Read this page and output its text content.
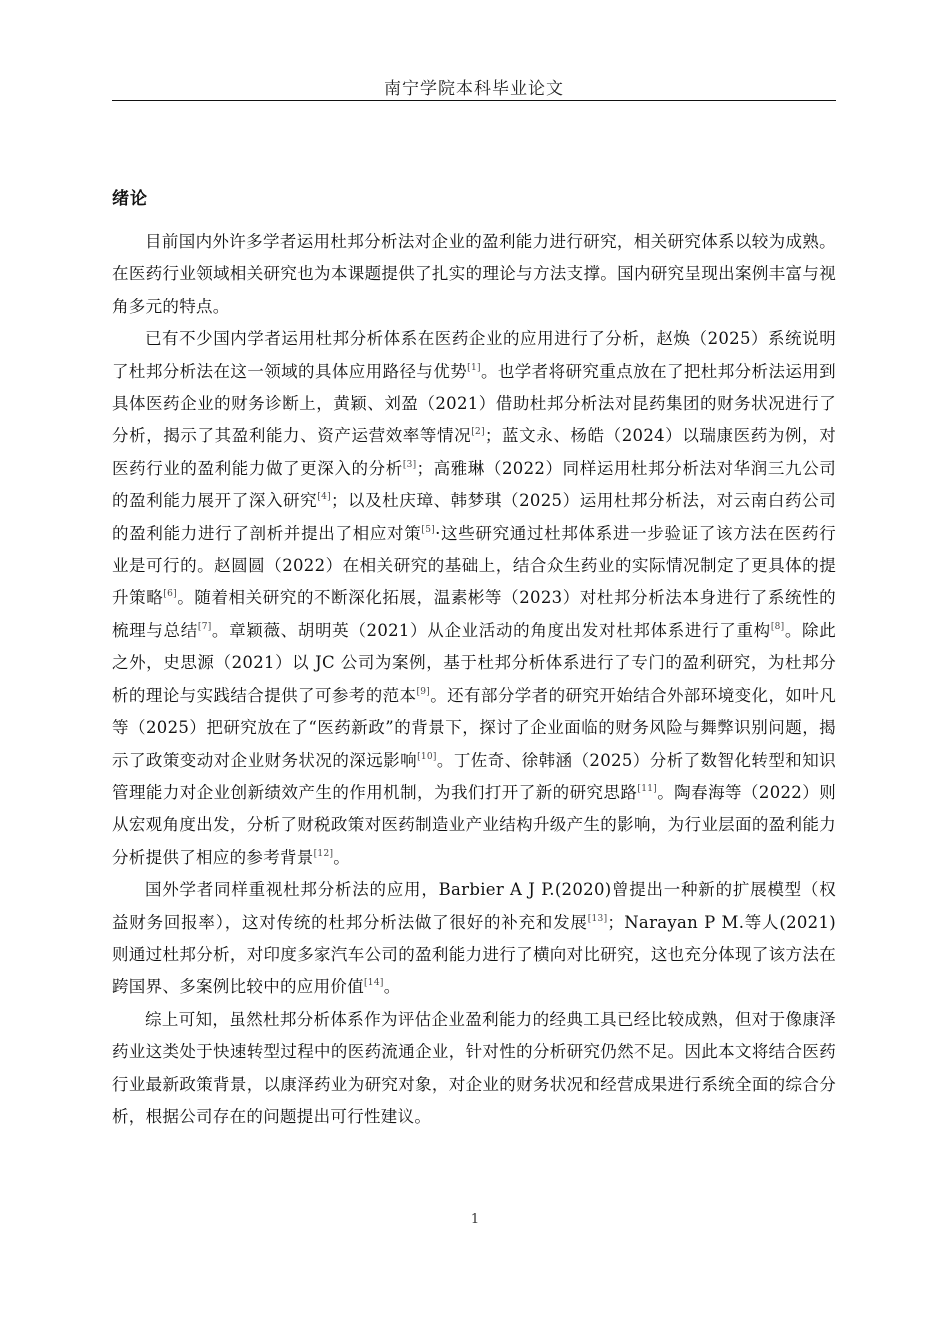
南宁学院本科毕业论文
绪论

目前国内外许多学者运用杜邦分析法对企业的盈利能力进行研究，相关研究体系以较为成熟。在医药行业领域相关研究也为本课题提供了扎实的理论与方法支撑。国内研究呈现出案例丰富与视角多元的特点。

已有不少国内学者运用杜邦分析体系在医药企业的应用进行了分析，赵焕（2025）系统说明了杜邦分析法在这一领域的具体应用路径与优势[1]。也学者将研究重点放在了把杜邦分析法运用到具体医药企业的财务诊断上，黄颖、刘盈（2021）借助杜邦分析法对昆药集团的财务状况进行了分析，揭示了其盈利能力、资产运营效率等情况[2]；蓝文永、杨皓（2024）以瑞康医药为例，对医药行业的盈利能力做了更深入的分析[3]；高雅琳（2022）同样运用杜邦分析法对华润三九公司的盈利能力展开了深入研究[4]；以及杜庆璋、韩梦琪（2025）运用杜邦分析法，对云南白药公司的盈利能力进行了剖析并提出了相应对策[5]·这些研究通过杜邦体系进一步验证了该方法在医药行业是可行的。赵圆圆（2022）在相关研究的基础上，结合众生药业的实际情况制定了更具体的提升策略[6]。随着相关研究的不断深化拓展，温素彬等（2023）对杜邦分析法本身进行了系统性的梳理与总结[7]。章颖薇、胡明英（2021）从企业活动的角度出发对杜邦体系进行了重构[8]。除此之外，史思源（2021）以 JC 公司为案例，基于杜邦分析体系进行了专门的盈利研究，为杜邦分析的理论与实践结合提供了可参考的范本[9]。还有部分学者的研究开始结合外部环境变化，如叶凡等（2025）把研究放在了“医药新政”的背景下，探讨了企业面临的财务风险与舞弊识别问题，揭示了政策变动对企业财务状况的深远影响[10]。丁佐奇、徐韩涵（2025）分析了数智化转型和知识管理能力对企业创新绩效产生的作用机制，为我们打开了新的研究思路[11]。陶春海等（2022）则从宏观角度出发，分析了财税政策对医药制造业产业结构升级产生的影响，为行业层面的盈利能力分析提供了相应的参考背景[12]。

国外学者同样重视杜邦分析法的应用，Barbier A J P.(2020)曾提出一种新的扩展模型（权益财务回报率），这对传统的杜邦分析法做了很好的补充和发展[13]；Narayan P M.等人(2021)则通过杜邦分析，对印度多家汽车公司的盈利能力进行了横向对比研究，这也充分体现了该方法在跨国界、多案例比较中的应用价值[14]。

综上可知，虽然杜邦分析体系作为评估企业盈利能力的经典工具已经比较成熟，但对于像康泽药业这类处于快速转型过程中的医药流通企业，针对性的分析研究仍然不足。因此本文将结合医药行业最新政策背景，以康泽药业为研究对象，对企业的财务状况和经营成果进行系统全面的综合分析，根据公司存在的问题提出可行性建议。

1
